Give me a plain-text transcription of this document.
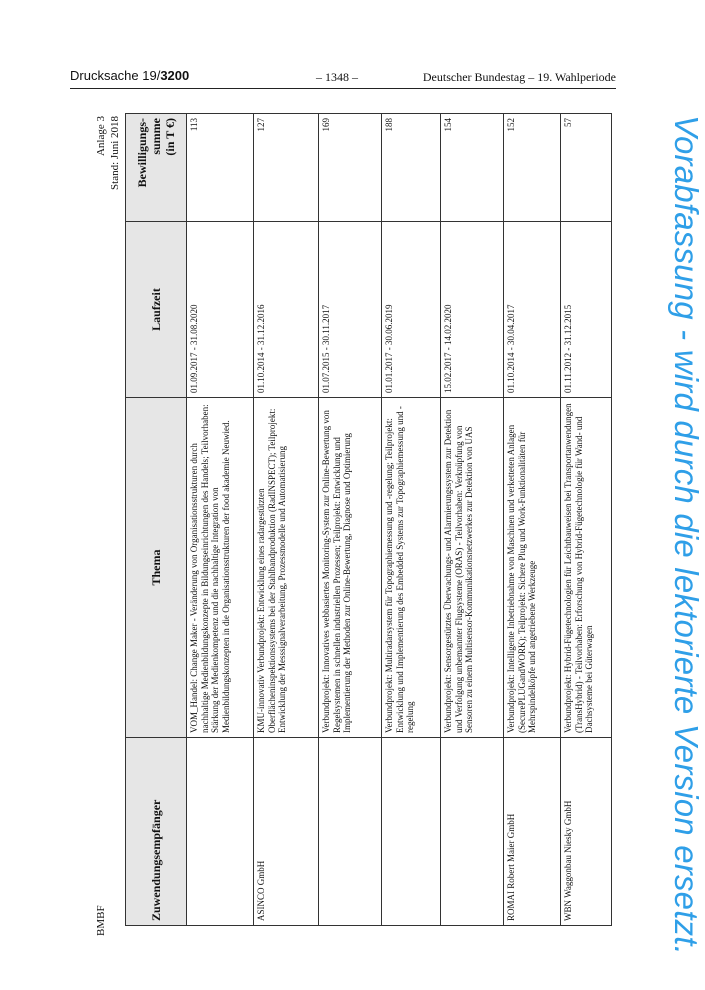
Drucksache 19/3200	– 1348 –	Deutscher Bundestag – 19. Wahlperiode
BMBF
Anlage 3 Stand: Juni 2018
Zuwendungsempfänger	Thema	Laufzeit	Bewilligungs- summe (in T €)

	VOM_Handel: Change Maker - Veränderung von Organisationsstrukturen durch nachhaltige Medienbildungskonzepte in Bildungseinrichtungen des Handels; Teilvorhaben: Stärkung der Medienkompetenz und die nachhaltige Integration von Medienbildungskonzepten in die Organisationsstrukturen der food akademie Neuwied.	01.09.2017 - 31.08.2020	113
ASINCO GmbH	KMU-innovativ Verbundprojekt: Entwicklung eines radargestützten Oberflächeninspektionssystems bei der Stahlbandproduktion (RadINSPECT); Teilprojekt: Entwicklung der Messsignalverarbeitung, Prozessmodelle und Automatisierung	01.10.2014 - 31.12.2016	127
	Verbundprojekt: Innovatives webbasiertes Monitoring-System zur Online-Bewertung von Regelsystemen in schnellen industriellen Prozessen; Teilprojekt: Entwicklung und Implementierung der Methoden zur Online-Bewertung, Diagnose und Optimierung	01.07.2015 - 30.11.2017	169
	Verbundprojekt: Multiradarsystem für Topographiemessung und -regelung; Teilprojekt: Entwicklung und Implementierung des Embedded Systems zur Topographiemessung und -regelung	01.01.2017 - 30.06.2019	188
	Verbundprojekt: Sensorgestütztes Überwachungs- und Alarmierungssystem zur Detektion und Verfolgung unbemannter Flugsysteme (ORAS) - Teilvorhaben: Verknüpfung von Sensoren zu einem Multisensor-Kommunikationsnetzwerkes zur Detektion von UAS	15.02.2017 - 14.02.2020	154
ROMAI Robert Maier GmbH	Verbundprojekt: Intelligente Inbetriebnahme von Maschinen und verketteten Anlagen (SecurePLUGandWORK); Teilprojekt: Sichere Plug und Work-Funktionalitäten für Mehrspindelköpfe und angetriebene Werkzeuge	01.10.2014 - 30.04.2017	152
WBN Waggonbau Niesky GmbH	Verbundprojekt: Hybrid-Fügetechnologien für Leichtbauweisen bei Transportanwendungen (TransHybrid) - Teilvorhaben: Erforschung von Hybrid-Fügetechnologie für Wand- und Dachsysteme bei Güterwagen	01.11.2012 - 31.12.2015	57	Vorabfassung - wird durch die lektorierte Version ersetzt.
